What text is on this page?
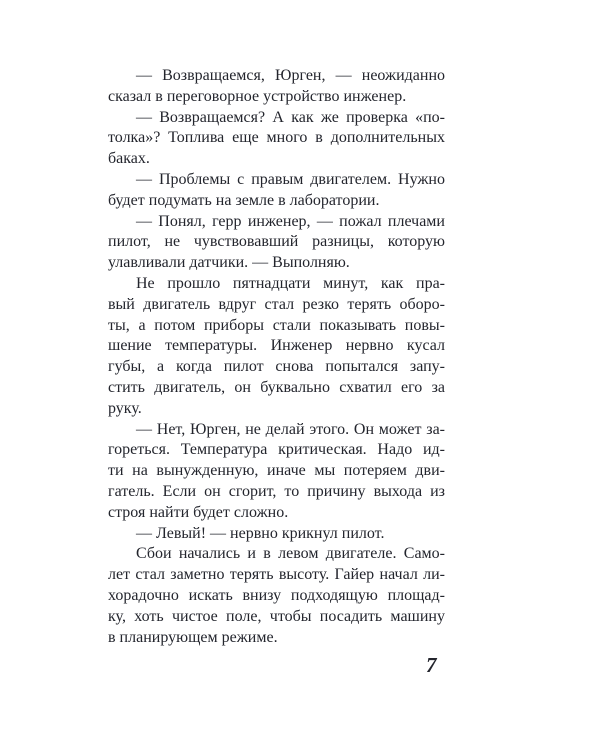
— Возвращаемся, Юрген, — неожиданно
сказал в переговорное устройство инженер.
— Возвращаемся? А как же проверка «по-
толка»? Топлива еще много в дополнительных
баках.
— Проблемы с правым двигателем. Нужно
будет подумать на земле в лаборатории.
— Понял, герр инженер, — пожал плечами
пилот, не чувствовавший разницы, которую
улавливали датчики. — Выполняю.
Не прошло пятнадцати минут, как пра-
вый двигатель вдруг стал резко терять оборо-
ты, а потом приборы стали показывать повы-
шение температуры. Инженер нервно кусал
губы, а когда пилот снова попытался запу-
стить двигатель, он буквально схватил его за
руку.
— Нет, Юрген, не делай этого. Он может за-
гореться. Температура критическая. Надо ид-
ти на вынужденную, иначе мы потеряем дви-
гатель. Если он сгорит, то причину выхода из
строя найти будет сложно.
— Левый! — нервно крикнул пилот.
Сбои начались и в левом двигателе. Само-
лет стал заметно терять высоту. Гайер начал ли-
хорадочно искать внизу подходящую площад-
ку, хоть чистое поле, чтобы посадить машину
в планирующем режиме.
7
